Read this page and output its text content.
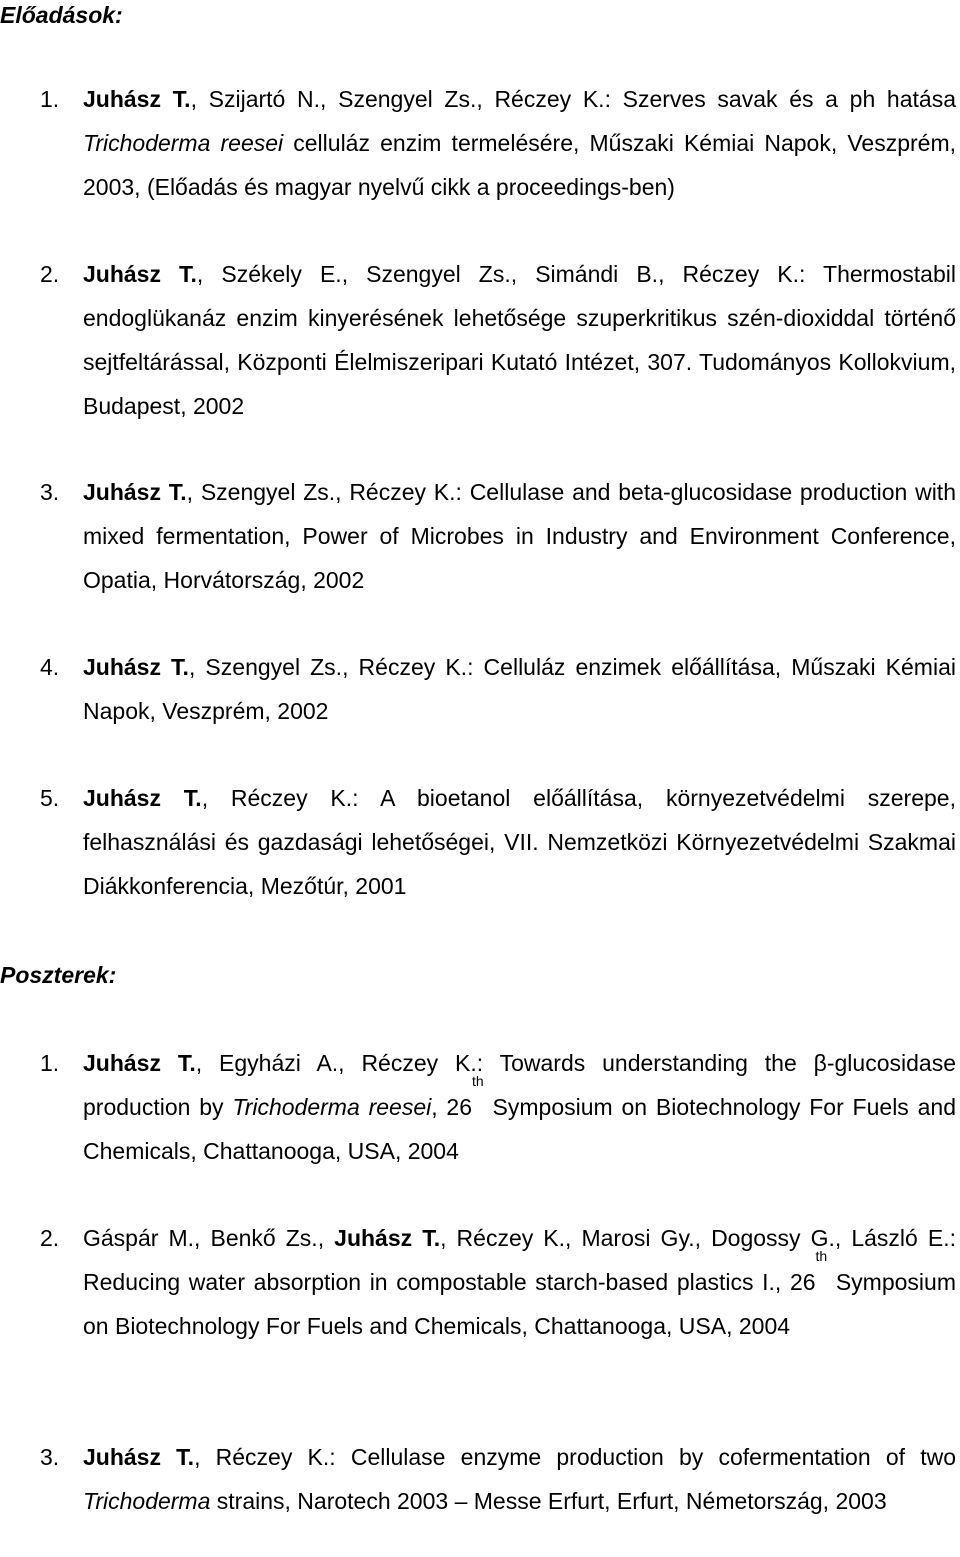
Előadások:
1. Juhász T., Szijartó N., Szengyel Zs., Réczey K.: Szerves savak és a ph hatása Trichoderma reesei celluláz enzim termelésére, Műszaki Kémiai Napok, Veszprém, 2003, (Előadás és magyar nyelvű cikk a proceedings-ben)
2. Juhász T., Székely E., Szengyel Zs., Simándi B., Réczey K.: Thermostabil endoglükanáz enzim kinyerésének lehetősége szuperkritikus szén-dioxiddal történő sejtfeltárással, Központi Élelmiszeripari Kutató Intézet, 307. Tudományos Kollokvium, Budapest, 2002
3. Juhász T., Szengyel Zs., Réczey K.: Cellulase and beta-glucosidase production with mixed fermentation, Power of Microbes in Industry and Environment Conference, Opatia, Horvátország, 2002
4. Juhász T., Szengyel Zs., Réczey K.: Celluláz enzimek előállítása, Műszaki Kémiai Napok, Veszprém, 2002
5. Juhász T., Réczey K.: A bioetanol előállítása, környezetvédelmi szerepe, felhasználási és gazdasági lehetőségei, VII. Nemzetközi Környezetvédelmi Szakmai Diákkonferencia, Mezőtúr, 2001
Poszterek:
1. Juhász T., Egyházi A., Réczey K.: Towards understanding the β-glucosidase production by Trichoderma reesei, 26th Symposium on Biotechnology For Fuels and Chemicals, Chattanooga, USA, 2004
2. Gáspár M., Benkő Zs., Juhász T., Réczey K., Marosi Gy., Dogossy G., László E.: Reducing water absorption in compostable starch-based plastics I., 26th Symposium on Biotechnology For Fuels and Chemicals, Chattanooga, USA, 2004
3. Juhász T., Réczey K.: Cellulase enzyme production by cofermentation of two Trichoderma strains, Narotech 2003 – Messe Erfurt, Erfurt, Németország, 2003
